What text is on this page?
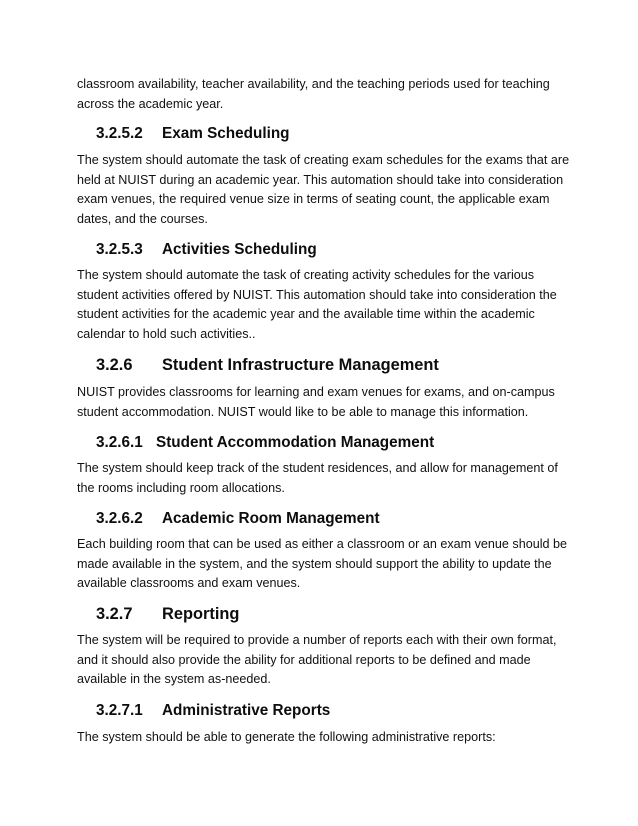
classroom availability, teacher availability, and the teaching periods used for teaching
across the academic year.

3.2.5.2 Exam Scheduling

The system should automate the task of creating exam schedules for the exams that are
held at NUIST during an academic year. This automation should take into consideration
exam venues, the required venue size in terms of seating count, the applicable exam
dates, and the courses.

3.2.5.3 Activities Scheduling

The system should automate the task of creating activity schedules for the various
student activities offered by NUIST. This automation should take into consideration the
student activities for the academic year and the available time within the academic
calendar to hold such activities..

3.2.6 Student Infrastructure Management

NUIST provides classrooms for learning and exam venues for exams, and on-campus
student accommodation. NUIST would like to be able to manage this information.

3.2.6.1 Student Accommodation Management

The system should keep track of the student residences, and allow for management of
the rooms including room allocations.

3.2.6.2 Academic Room Management

Each building room that can be used as either a classroom or an exam venue should be
made available in the system, and the system should support the ability to update the
available classrooms and exam venues.

3.2.7 Reporting

The system will be required to provide a number of reports each with their own format,
and it should also provide the ability for additional reports to be defined and made
available in the system as-needed.

3.2.7.1 Administrative Reports

The system should be able to generate the following administrative reports:
